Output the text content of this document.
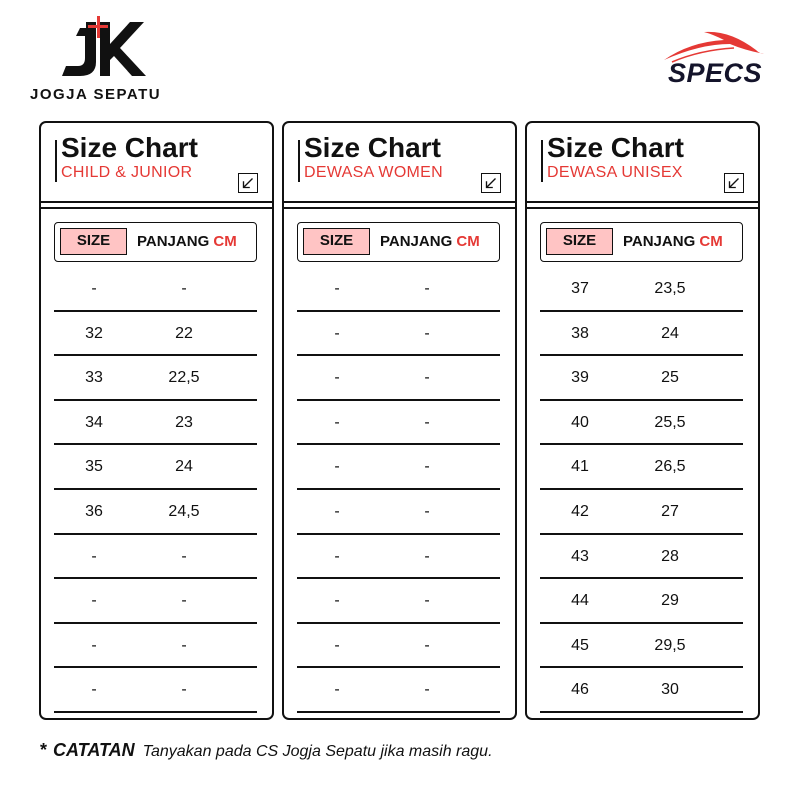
JOGJA SEPATU
SPECS
Size Chart
CHILD & JUNIOR
SIZE	PANJANG CM
-	-
32	22
33	22,5
34	23
35	24
36	24,5
-	-
-	-
-	-
-	-
Size Chart
DEWASA WOMEN
SIZE	PANJANG CM
-	-
-	-
-	-
-	-
-	-
-	-
-	-
-	-
-	-
-	-
Size Chart
DEWASA UNISEX
SIZE	PANJANG CM
37	23,5
38	24
39	25
40	25,5
41	26,5
42	27
43	28
44	29
45	29,5
46	30
* CATATAN Tanyakan pada CS Jogja Sepatu jika masih ragu.
